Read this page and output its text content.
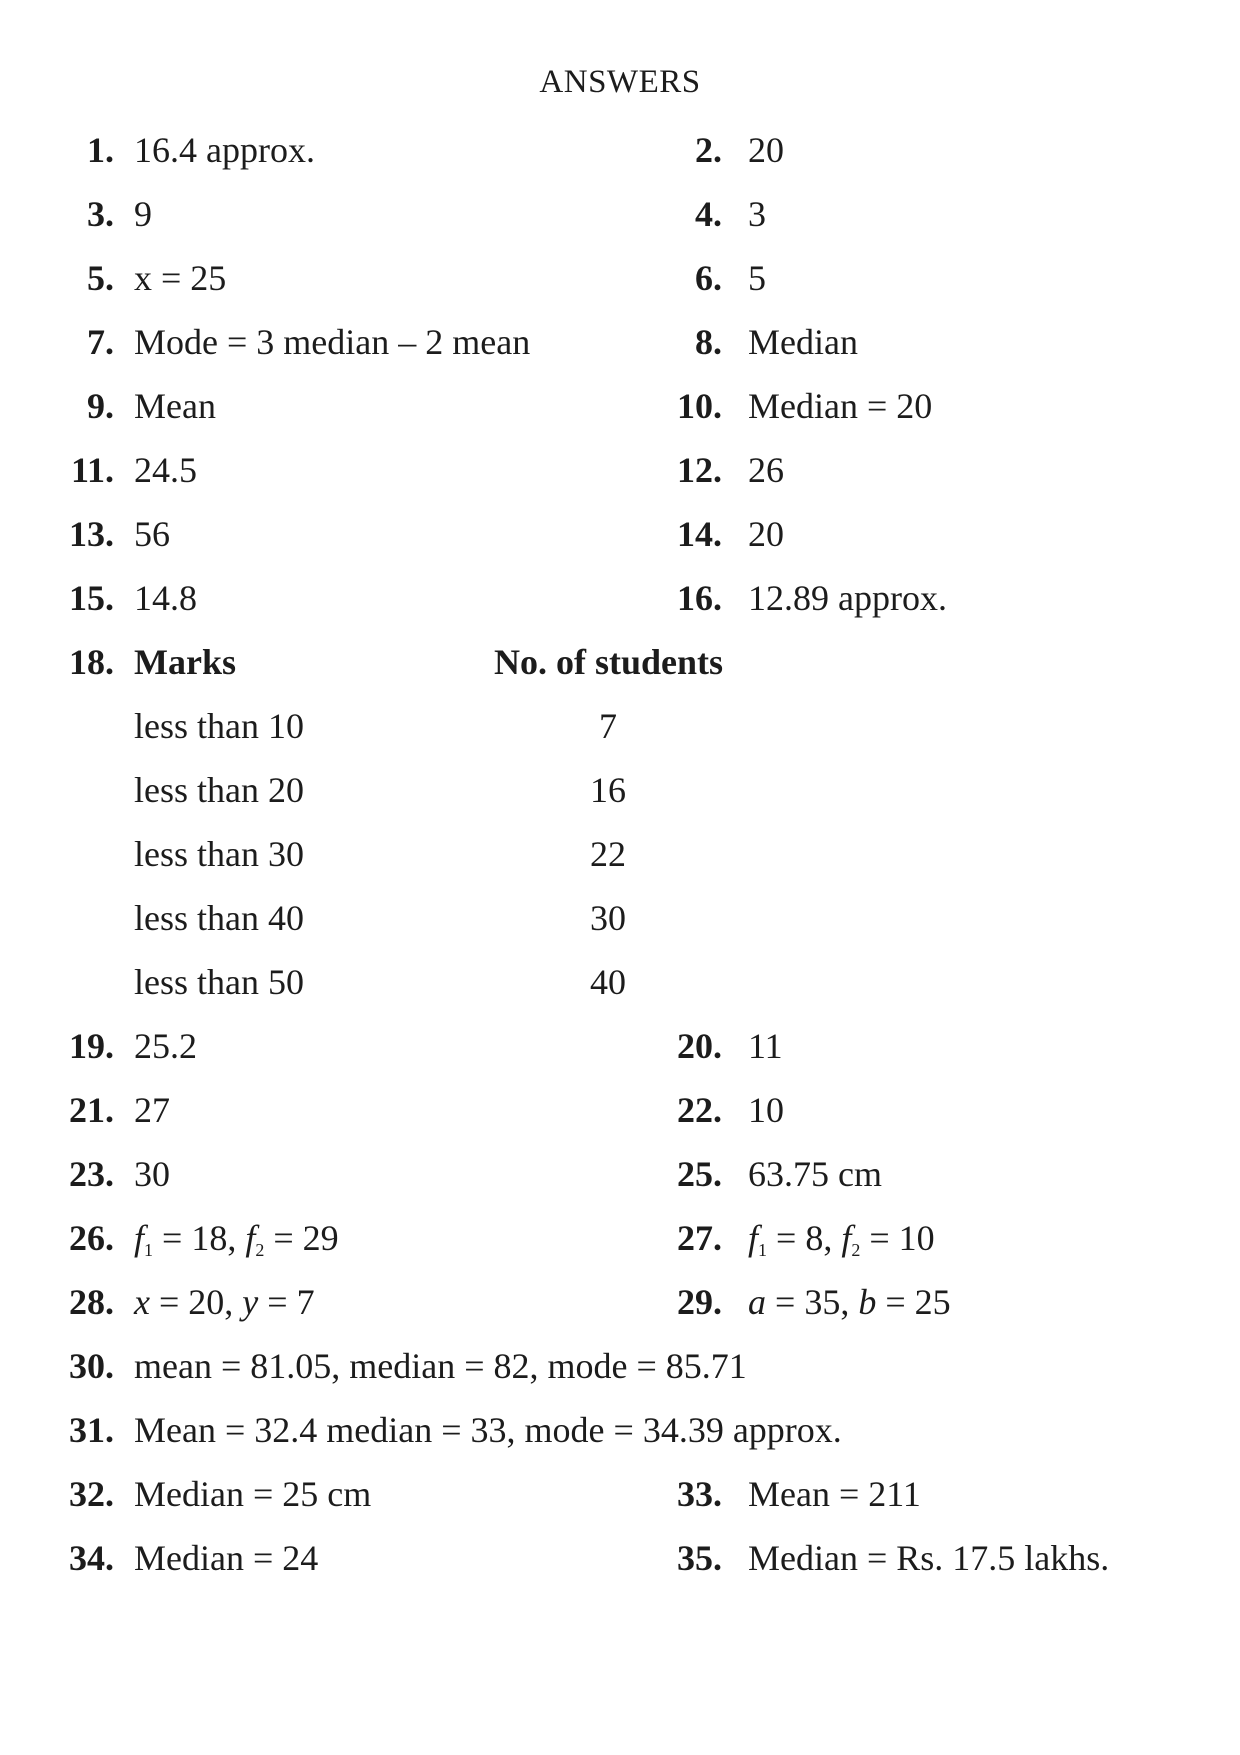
ANSWERS
1. 16.4 approx.	2. 20
3. 9	4. 3
5. x = 25	6. 5
7. Mode = 3 median – 2 mean	8. Median
9. Mean	10. Median = 20
11. 24.5	12. 26
13. 56	14. 20
15. 14.8	16. 12.89 approx.
18. Marks	No. of students
less than 10	7
less than 20	16
less than 30	22
less than 40	30
less than 50	40
19. 25.2	20. 11
21. 27	22. 10
23. 30	25. 63.75 cm
26. $f_1 = 18$, $f_2 = 29$	27. $f_1 = 8$, $f_2 = 10$
28. x = 20, y = 7	29. a = 35, b = 25
30. mean = 81.05, median = 82, mode = 85.71
31. Mean = 32.4 median = 33, mode = 34.39 approx.
32. Median = 25 cm	33. Mean = 211
34. Median = 24	35. Median = Rs. 17.5 lakhs.
